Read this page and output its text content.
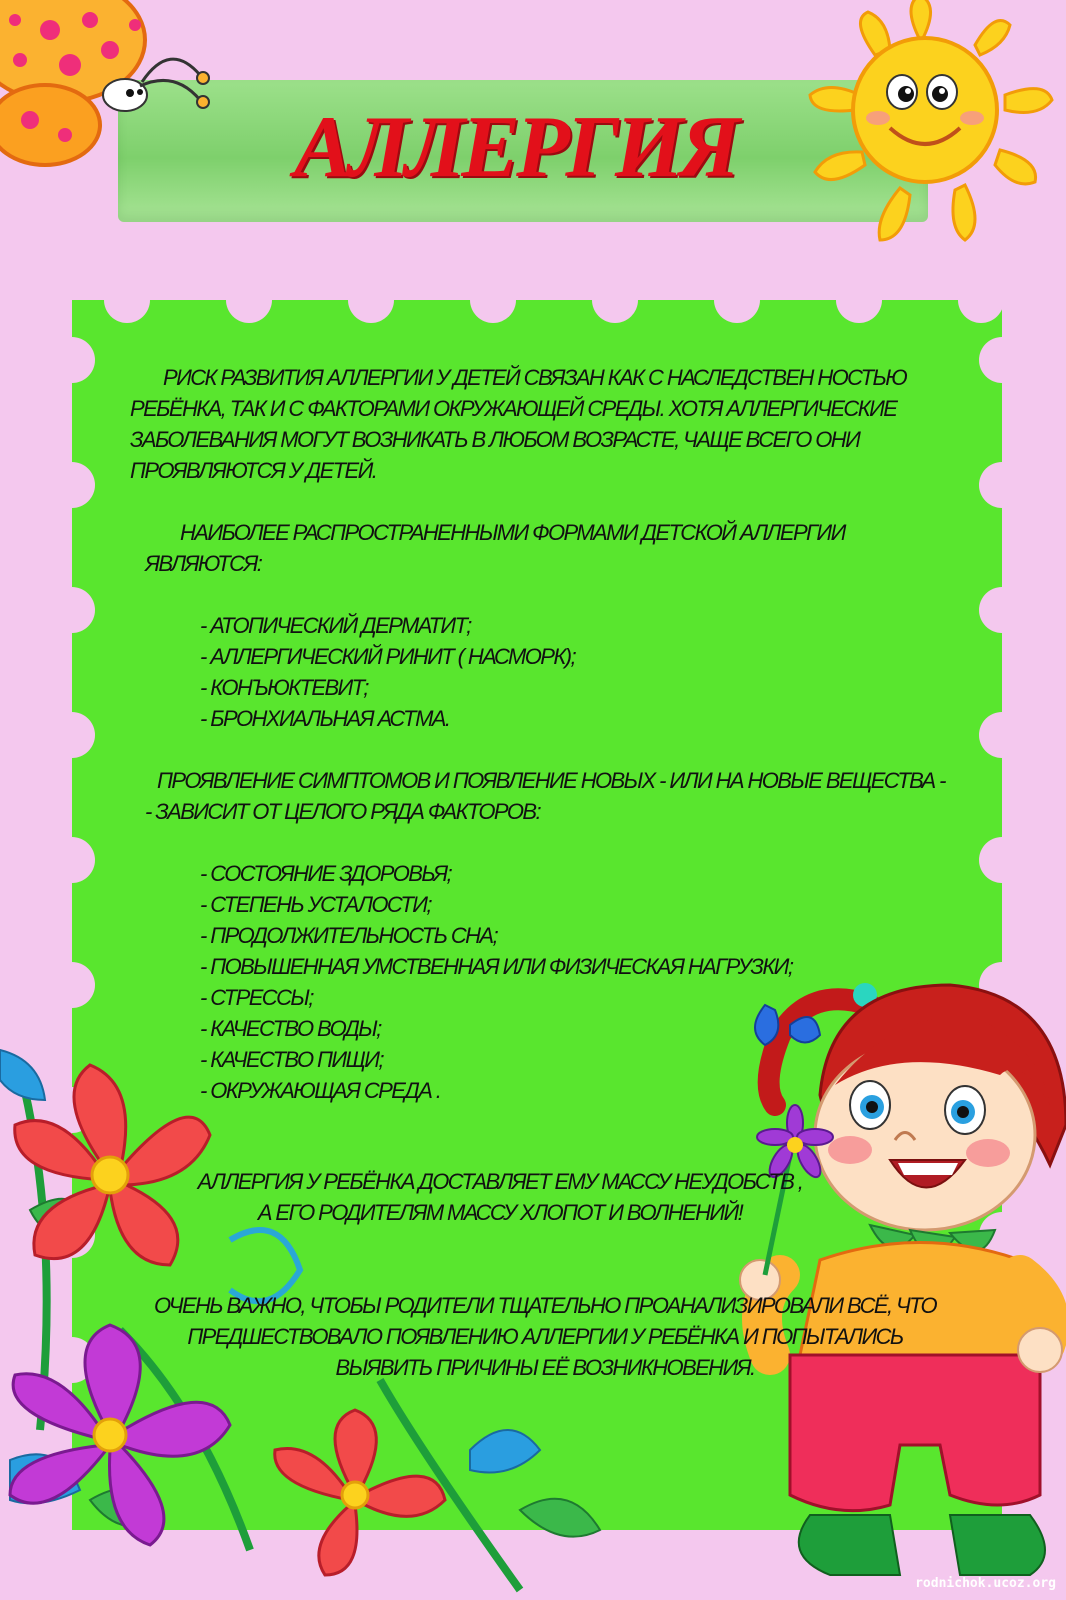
АЛЛЕРГИЯ
РИСК РАЗВИТИЯ АЛЛЕРГИИ У ДЕТЕЙ СВЯЗАН КАК С НАСЛЕДСТВЕН НОСТЬЮ
РЕБЁНКА, ТАК И С ФАКТОРАМИ ОКРУЖАЮЩЕЙ СРЕДЫ. ХОТЯ АЛЛЕРГИЧЕСКИЕ
ЗАБОЛЕВАНИЯ МОГУТ ВОЗНИКАТЬ В ЛЮБОМ ВОЗРАСТЕ, ЧАЩЕ ВСЕГО ОНИ
ПРОЯВЛЯЮТСЯ У ДЕТЕЙ.
НАИБОЛЕЕ РАСПРОСТРАНЕННЫМИ ФОРМАМИ ДЕТСКОЙ АЛЛЕРГИИ
ЯВЛЯЮТСЯ:
- АТОПИЧЕСКИЙ ДЕРМАТИТ;
- АЛЛЕРГИЧЕСКИЙ РИНИТ ( НАСМОРК);
- КОНЪЮКТЕВИТ;
- БРОНХИАЛЬНАЯ АСТМА.
ПРОЯВЛЕНИЕ СИМПТОМОВ И ПОЯВЛЕНИЕ НОВЫХ - ИЛИ НА НОВЫЕ ВЕЩЕСТВА -
- ЗАВИСИТ ОТ ЦЕЛОГО РЯДА ФАКТОРОВ:
- СОСТОЯНИЕ ЗДОРОВЬЯ;
- СТЕПЕНЬ УСТАЛОСТИ;
- ПРОДОЛЖИТЕЛЬНОСТЬ СНА;
- ПОВЫШЕННАЯ УМСТВЕННАЯ ИЛИ ФИЗИЧЕСКАЯ НАГРУЗКИ;
- СТРЕССЫ;
- КАЧЕСТВО ВОДЫ;
- КАЧЕСТВО ПИЩИ;
- ОКРУЖАЮЩАЯ СРЕДА .
АЛЛЕРГИЯ У РЕБЁНКА ДОСТАВЛЯЕТ ЕМУ МАССУ НЕУДОБСТВ ,
А ЕГО РОДИТЕЛЯМ МАССУ ХЛОПОТ И ВОЛНЕНИЙ!
ОЧЕНЬ ВАЖНО, ЧТОБЫ РОДИТЕЛИ ТЩАТЕЛЬНО ПРОАНАЛИЗИРОВАЛИ ВСЁ, ЧТО
ПРЕДШЕСТВОВАЛО ПОЯВЛЕНИЮ АЛЛЕРГИИ У РЕБЁНКА И ПОПЫТАЛИСЬ
ВЫЯВИТЬ ПРИЧИНЫ ЕЁ ВОЗНИКНОВЕНИЯ.
rodnichok.ucoz.org
